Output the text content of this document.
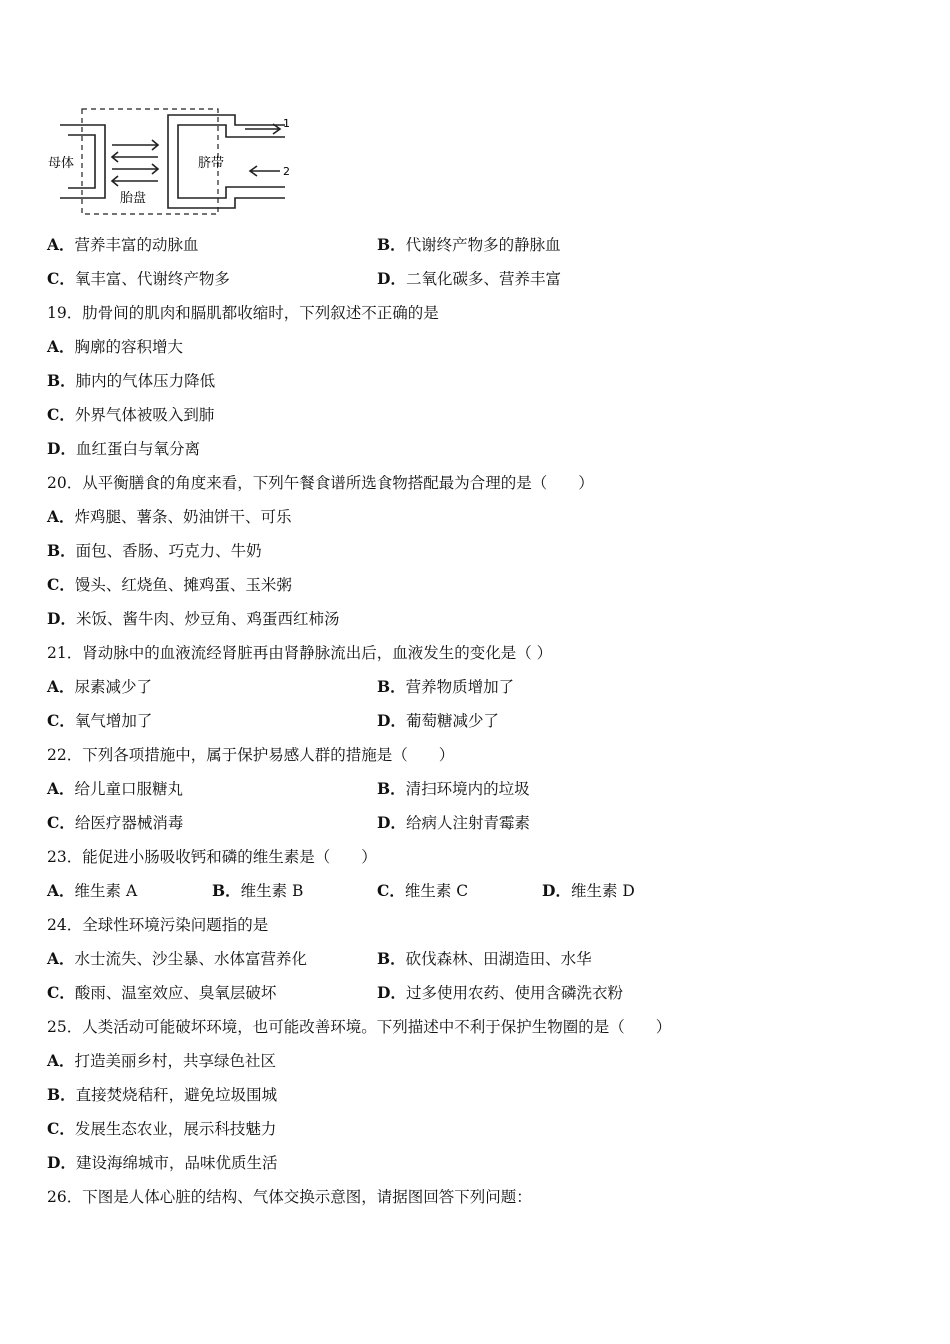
母体
胎盘
脐带
1
2
A．营养丰富的动脉血	B．代谢终产物多的静脉血
C．氧丰富、代谢终产物多	D．二氧化碳多、营养丰富
19．肋骨间的肌肉和膈肌都收缩时，下列叙述不正确的是
A．胸廓的容积增大
B．肺内的气体压力降低
C．外界气体被吸入到肺
D．血红蛋白与氧分离
20．从平衡膳食的角度来看，下列午餐食谱所选食物搭配最为合理的是（　　）
A．炸鸡腿、薯条、奶油饼干、可乐
B．面包、香肠、巧克力、牛奶
C．馒头、红烧鱼、摊鸡蛋、玉米粥
D．米饭、酱牛肉、炒豆角、鸡蛋西红柿汤
21．肾动脉中的血液流经肾脏再由肾静脉流出后，血液发生的变化是（ ）
A．尿素减少了	B．营养物质增加了
C．氧气增加了	D．葡萄糖减少了
22．下列各项措施中，属于保护易感人群的措施是（　　）
A．给儿童口服糖丸	B．清扫环境内的垃圾
C．给医疗器械消毒	D．给病人注射青霉素
23．能促进小肠吸收钙和磷的维生素是（　　）
A．维生素 A	B．维生素 B	C．维生素 C	D．维生素 D
24．全球性环境污染问题指的是
A．水士流失、沙尘暴、水体富营养化	B．砍伐森林、田湖造田、水华
C．酸雨、温室效应、臭氧层破坏	D．过多使用农药、使用含磷洗衣粉
25．人类活动可能破坏环境，也可能改善环境。下列描述中不利于保护生物圈的是（　　）
A．打造美丽乡村，共享绿色社区
B．直接焚烧秸秆，避免垃圾围城
C．发展生态农业，展示科技魅力
D．建设海绵城市，品味优质生活
26．下图是人体心脏的结构、气体交换示意图，请据图回答下列问题：
